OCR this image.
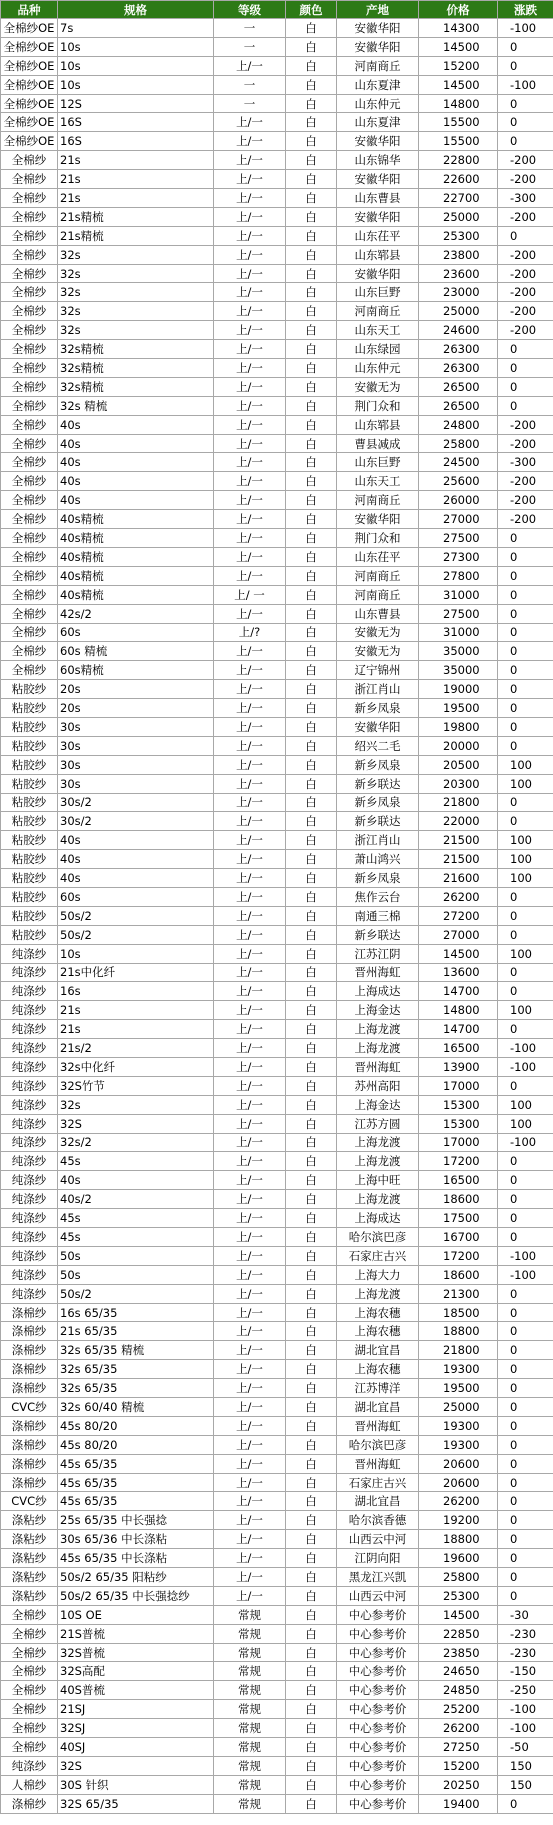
品种	规格	等级	颜色	产地	价格	涨跌
全棉纱OE	7s	一	白	安徽华阳	14300	-100
全棉纱OE	10s	一	白	安徽华阳	14500	0
全棉纱OE	10s	上/一	白	河南商丘	15200	0
全棉纱OE	10s	一	白	山东夏津	14500	-100
全棉纱OE	12S	一	白	山东仲元	14800	0
全棉纱OE	16S	上/一	白	山东夏津	15500	0
全棉纱OE	16S	上/一	白	安徽华阳	15500	0
全棉纱	21s	上/一	白	山东锦华	22800	-200
全棉纱	21s	上/一	白	安徽华阳	22600	-200
全棉纱	21s	上/一	白	山东曹县	22700	-300
全棉纱	21s精梳	上/一	白	安徽华阳	25000	-200
全棉纱	21s精梳	上/一	白	山东茌平	25300	0
全棉纱	32s	上/一	白	山东郓县	23800	-200
全棉纱	32s	上/一	白	安徽华阳	23600	-200
全棉纱	32s	上/一	白	山东巨野	23000	-200
全棉纱	32s	上/一	白	河南商丘	25000	-200
全棉纱	32s	上/一	白	山东天工	24600	-200
全棉纱	32s精梳	上/一	白	山东绿园	26300	0
全棉纱	32s精梳	上/一	白	山东仲元	26300	0
全棉纱	32s精梳	上/一	白	安徽无为	26500	0
全棉纱	32s 精梳	上/一	白	荆门众和	26500	0
全棉纱	40s	上/一	白	山东郓县	24800	-200
全棉纱	40s	上/一	白	曹县减成	25800	-200
全棉纱	40s	上/一	白	山东巨野	24500	-300
全棉纱	40s	上/一	白	山东天工	25600	-200
全棉纱	40s	上/一	白	河南商丘	26000	-200
全棉纱	40s精梳	上/一	白	安徽华阳	27000	-200
全棉纱	40s精梳	上/一	白	荆门众和	27500	0
全棉纱	40s精梳	上/一	白	山东茌平	27300	0
全棉纱	40s精梳	上/一	白	河南商丘	27800	0
全棉纱	40s精梳	上/ 一	白	河南商丘	31000	0
全棉纱	42s/2	上/一	白	山东曹县	27500	0
全棉纱	60s	上/?	白	安徽无为	31000	0
全棉纱	60s 精梳	上/一	白	安徽无为	35000	0
全棉纱	60s精梳	上/一	白	辽宁锦州	35000	0
粘胶纱	20s	上/一	白	浙江肖山	19000	0
粘胶纱	20s	上/一	白	新乡凤泉	19500	0
粘胶纱	30s	上/一	白	安徽华阳	19800	0
粘胶纱	30s	上/一	白	绍兴二毛	20000	0
粘胶纱	30s	上/一	白	新乡凤泉	20500	100
粘胶纱	30s	上/一	白	新乡联达	20300	100
粘胶纱	30s/2	上/一	白	新乡凤泉	21800	0
粘胶纱	30s/2	上/一	白	新乡联达	22000	0
粘胶纱	40s	上/一	白	浙江肖山	21500	100
粘胶纱	40s	上/一	白	萧山鸿兴	21500	100
粘胶纱	40s	上/一	白	新乡凤泉	21600	100
粘胶纱	60s	上/一	白	焦作云台	26200	0
粘胶纱	50s/2	上/一	白	南通三棉	27200	0
粘胶纱	50s/2	上/一	白	新乡联达	27000	0
纯涤纱	10s	上/一	白	江苏江阴	14500	100
纯涤纱	21s中化纤	上/一	白	晋州海虹	13600	0
纯涤纱	16s	上/一	白	上海成达	14700	0
纯涤纱	21s	上/一	白	上海金达	14800	100
纯涤纱	21s	上/一	白	上海龙渡	14700	0
纯涤纱	21s/2	上/一	白	上海龙渡	16500	-100
纯涤纱	32s中化纤	上/一	白	晋州海虹	13900	-100
纯涤纱	32S竹节	上/一	白	苏州高阳	17000	0
纯涤纱	32s	上/一	白	上海金达	15300	100
纯涤纱	32S	上/一	白	江苏方圆	15300	100
纯涤纱	32s/2	上/一	白	上海龙渡	17000	-100
纯涤纱	45s	上/一	白	上海龙渡	17200	0
纯涤纱	40s	上/一	白	上海中旺	16500	0
纯涤纱	40s/2	上/一	白	上海龙渡	18600	0
纯涤纱	45s	上/一	白	上海成达	17500	0
纯涤纱	45s	上/一	白	哈尔滨巴彦	16700	0
纯涤纱	50s	上/一	白	石家庄古兴	17200	-100
纯涤纱	50s	上/一	白	上海大力	18600	-100
纯涤纱	50s/2	上/一	白	上海龙渡	21300	0
涤棉纱	16s 65/35	上/一	白	上海农穗	18500	0
涤棉纱	21s 65/35	上/一	白	上海农穗	18800	0
涤棉纱	32s 65/35 精梳	上/一	白	湖北宜昌	21800	0
涤棉纱	32s 65/35	上/一	白	上海农穗	19300	0
涤棉纱	32s 65/35	上/一	白	江苏博洋	19500	0
CVC纱	32s 60/40 精梳	上/一	白	湖北宜昌	25000	0
涤棉纱	45s 80/20	上/一	白	晋州海虹	19300	0
涤棉纱	45s 80/20	上/一	白	哈尔滨巴彦	19300	0
涤棉纱	45s 65/35	上/一	白	晋州海虹	20600	0
涤棉纱	45s 65/35	上/一	白	石家庄古兴	20600	0
CVC纱	45s 65/35	上/一	白	湖北宜昌	26200	0
涤粘纱	25s 65/35 中长强捻	上/一	白	哈尔滨香德	19200	0
涤粘纱	30s 65/36 中长涤粘	上/一	白	山西云中河	18800	0
涤粘纱	45s 65/35 中长涤粘	上/一	白	江阴向阳	19600	0
涤粘纱	50s/2 65/35 阳粘纱	上/一	白	黑龙江兴凯	25800	0
涤粘纱	50s/2 65/35 中长强捻纱	上/一	白	山西云中河	25300	0
全棉纱	10S OE	常规	白	中心参考价	14500	-30
全棉纱	21S普梳	常规	白	中心参考价	22850	-230
全棉纱	32S普梳	常规	白	中心参考价	23850	-230
全棉纱	32S高配	常规	白	中心参考价	24650	-150
全棉纱	40S普梳	常规	白	中心参考价	24850	-250
全棉纱	21SJ	常规	白	中心参考价	25200	-100
全棉纱	32SJ	常规	白	中心参考价	26200	-100
全棉纱	40SJ	常规	白	中心参考价	27250	-50
纯涤纱	32S	常规	白	中心参考价	15200	150
人棉纱	30S 针织	常规	白	中心参考价	20250	150
涤棉纱	32S 65/35	常规	白	中心参考价	19400	0
